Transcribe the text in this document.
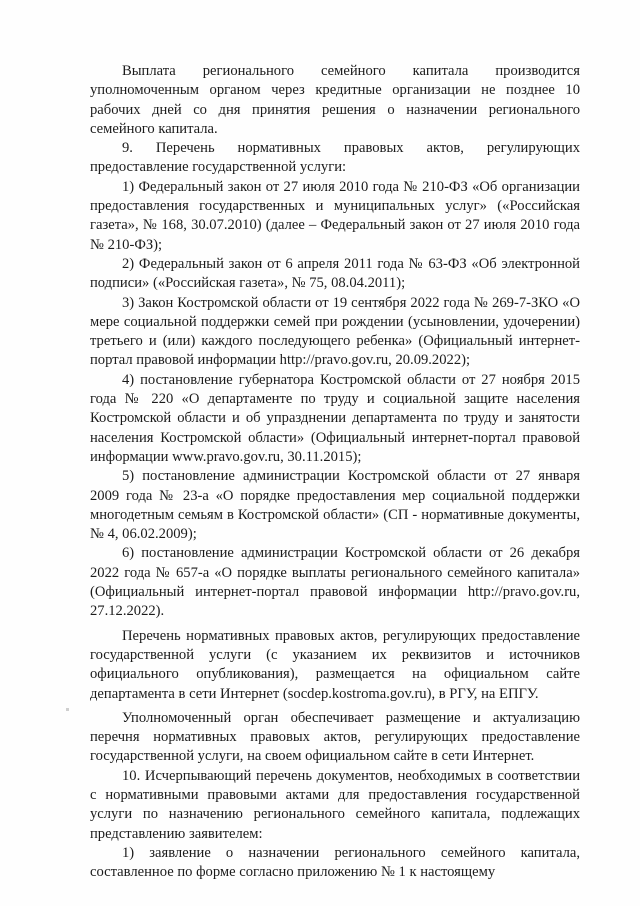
Выплата регионального семейного капитала производится уполномоченным органом через кредитные организации не позднее 10 рабочих дней со дня принятия решения о назначении регионального семейного капитала.

9. Перечень нормативных правовых актов, регулирующих предоставление государственной услуги:

1) Федеральный закон от 27 июля 2010 года № 210-ФЗ «Об организации предоставления государственных и муниципальных услуг» («Российская газета», № 168, 30.07.2010) (далее – Федеральный закон от 27 июля 2010 года № 210-ФЗ);

2) Федеральный закон от 6 апреля 2011 года № 63-ФЗ «Об электронной подписи» («Российская газета», № 75, 08.04.2011);

3) Закон Костромской области от 19 сентября 2022 года № 269-7-ЗКО «О мере социальной поддержки семей при рождении (усыновлении, удочерении) третьего и (или) каждого последующего ребенка» (Официальный интернет-портал правовой информации http://pravo.gov.ru, 20.09.2022);

4) постановление губернатора Костромской области от 27 ноября 2015 года № 220 «О департаменте по труду и социальной защите населения Костромской области и об упразднении департамента по труду и занятости населения Костромской области» (Официальный интернет-портал правовой информации www.pravo.gov.ru, 30.11.2015);

5) постановление администрации Костромской области от 27 января 2009 года № 23-а «О порядке предоставления мер социальной поддержки многодетным семьям в Костромской области» (СП - нормативные документы, № 4, 06.02.2009);

6) постановление администрации Костромской области от 26 декабря 2022 года № 657-а «О порядке выплаты регионального семейного капитала» (Официальный интернет-портал правовой информации http://pravo.gov.ru, 27.12.2022).

Перечень нормативных правовых актов, регулирующих предоставление государственной услуги (с указанием их реквизитов и источников официального опубликования), размещается на официальном сайте департамента в сети Интернет (socdep.kostroma.gov.ru), в РГУ, на ЕПГУ.

Уполномоченный орган обеспечивает размещение и актуализацию перечня нормативных правовых актов, регулирующих предоставление государственной услуги, на своем официальном сайте в сети Интернет.

10. Исчерпывающий перечень документов, необходимых в соответствии с нормативными правовыми актами для предоставления государственной услуги по назначению регионального семейного капитала, подлежащих представлению заявителем:

1) заявление о назначении регионального семейного капитала, составленное по форме согласно приложению № 1 к настоящему
